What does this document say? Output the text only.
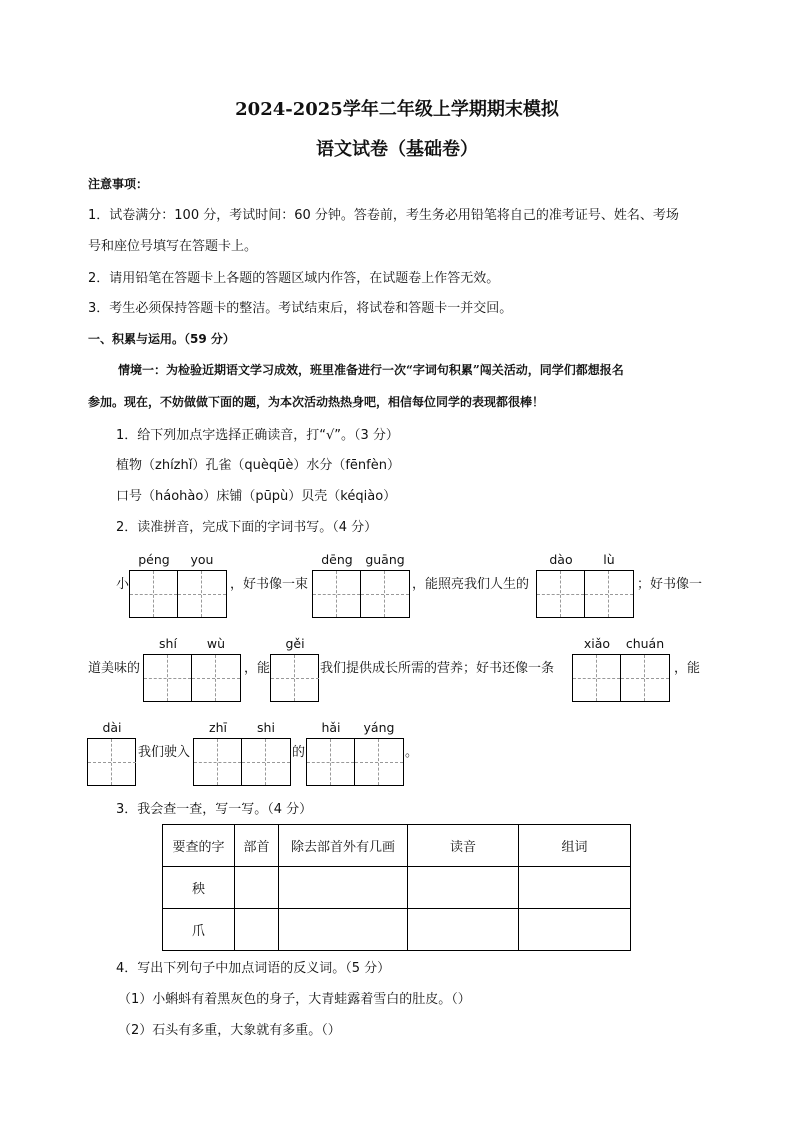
2024-2025学年二年级上学期期末模拟
语文试卷（基础卷）
注意事项：
1．试卷满分：100 分，考试时间：60 分钟。答卷前，考生务必用铅笔将自己的准考证号、姓名、考场
号和座位号填写在答题卡上。
2．请用铅笔在答题卡上各题的答题区域内作答，在试题卷上作答无效。
3．考生必须保持答题卡的整洁。考试结束后，将试卷和答题卡一并交回。
一、积累与运用。（59 分）
情境一：为检验近期语文学习成效，班里准备进行一次“字词句积累”闯关活动，同学们都想报名
参加。现在，不妨做做下面的题，为本次活动热热身吧，相信每位同学的表现都很棒！
1．给下列加点字选择正确读音，打“√”。（3 分）
植物（zhízhǐ）孔雀（quèqūè）水分（fēnfèn）
口号（háohào）床铺（pūpù）贝壳（kéqiào）
2．读准拼音，完成下面的字词书写。（4 分）
péng	you	dēng	guāng	dào	lù
小	，好书像一束	，能照亮我们人生的	；好书像一
shí	wù	gěi	xiǎo	chuán
道美味的	，能	我们提供成长所需的营养；好书还像一条	，能
dài	zhī	shi	hǎi	yáng
我们驶入	的	。
3．我会查一查，写一写。（4 分）
要查的字	部首	除去部首外有几画	读音	组词
秧				
爪				
4．写出下列句子中加点词语的反义词。（5 分）
（1）小蝌蚪有着黑灰色的身子，大青蛙露着雪白的肚皮。（）
（2）石头有多重，大象就有多重。（）
